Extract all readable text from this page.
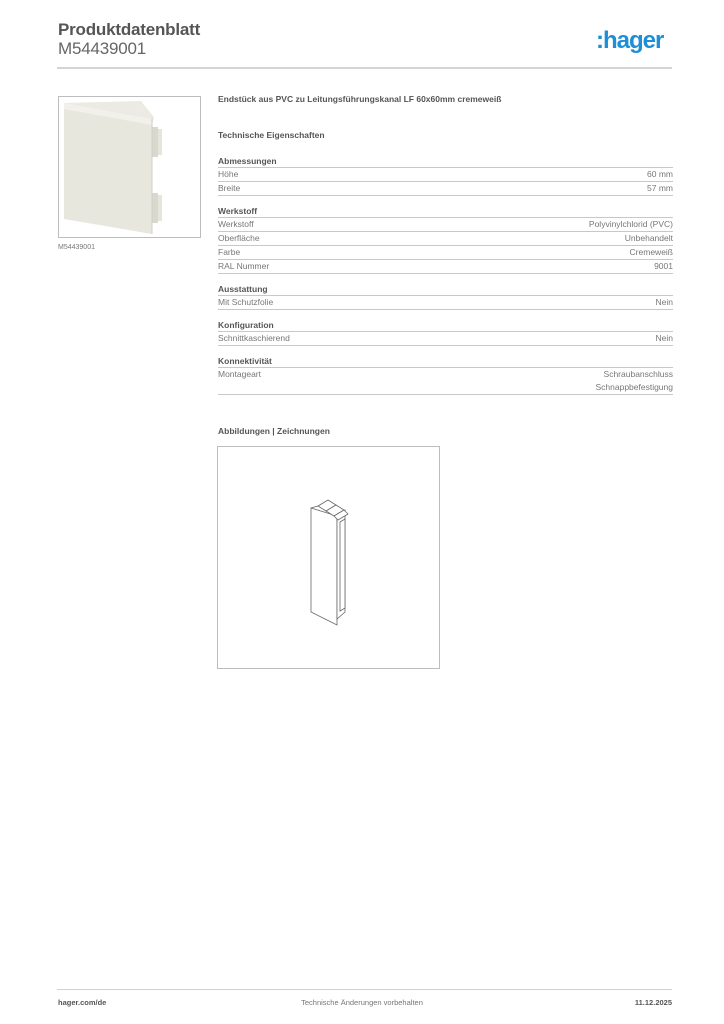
Produktdatenblatt
M54439001	:hager
M54439001
Endstück aus PVC zu Leitungsführungskanal LF 60x60mm cremeweiß
Technische Eigenschaften
Abmessungen
Höhe	60 mm
Breite	57 mm
Werkstoff
Werkstoff	Polyvinylchlorid (PVC)
Oberfläche	Unbehandelt
Farbe	Cremeweiß
RAL Nummer	9001
Ausstattung
Mit Schutzfolie	Nein
Konfiguration
Schnittkaschierend	Nein
Konnektivität
Montageart	Schraubanschluss
Schnappbefestigung
Abbildungen | Zeichnungen
hager.com/de	Technische Änderungen vorbehalten	11.12.2025
